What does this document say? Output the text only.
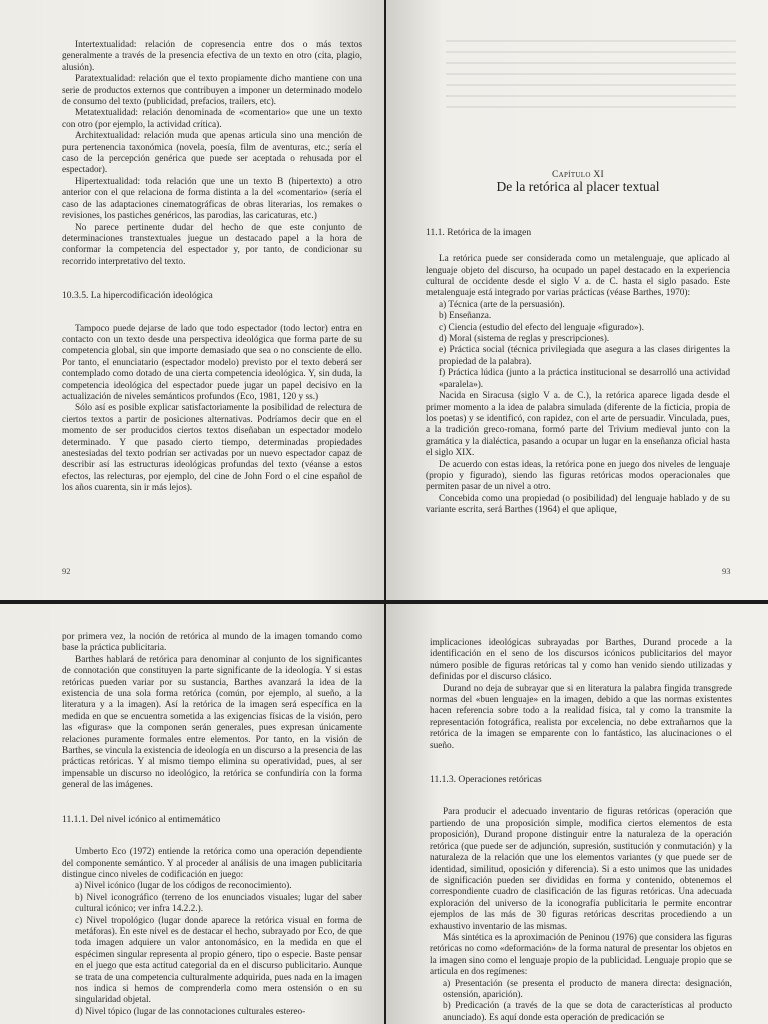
Intertextualidad: relación de copresencia entre dos o más textos generalmente a través de la presencia efectiva de un texto en otro (cita, plagio, alusión).

Paratextualidad: relación que el texto propiamente dicho mantiene con una serie de productos externos que contribuyen a imponer un determinado modelo de consumo del texto (publicidad, prefacios, trailers, etc).

Metatextualidad: relación denominada de «comentario» que une un texto con otro (por ejemplo, la actividad crítica).

Architextualidad: relación muda que apenas articula sino una mención de pura pertenencia taxonómica (novela, poesía, film de aventuras, etc.; sería el caso de la percepción genérica que puede ser aceptada o rehusada por el espectador).

Hipertextualidad: toda relación que une un texto B (hipertexto) a otro anterior con el que relaciona de forma distinta a la del «comentario» (sería el caso de las adaptaciones cinematográficas de obras literarias, los remakes o revisiones, los pastiches genéricos, las parodias, las caricaturas, etc.)

No parece pertinente dudar del hecho de que este conjunto de determinaciones transtextuales juegue un destacado papel a la hora de conformar la competencia del espectador y, por tanto, de condicionar su recorrido interpretativo del texto.

10.3.5. La hipercodificación ideológica

Tampoco puede dejarse de lado que todo espectador (todo lector) entra en contacto con un texto desde una perspectiva ideológica que forma parte de su competencia global, sin que importe demasiado que sea o no consciente de ello. Por tanto, el enunciatario (espectador modelo) previsto por el texto deberá ser contemplado como dotado de una cierta competencia ideológica. Y, sin duda, la competencia ideológica del espectador puede jugar un papel decisivo en la actualización de niveles semánticos profundos (Eco, 1981, 120 y ss.)

Sólo así es posible explicar satisfactoriamente la posibilidad de relectura de ciertos textos a partir de posiciones alternativas. Podríamos decir que en el momento de ser producidos ciertos textos diseñaban un espectador modelo determinado. Y que pasado cierto tiempo, determinadas propiedades anestesiadas del texto podrían ser activadas por un nuevo espectador capaz de describir así las estructuras ideológicas profundas del texto (véanse a estos efectos, las relecturas, por ejemplo, del cine de John Ford o el cine español de los años cuarenta, sin ir más lejos).

92

Capítulo XI

De la retórica al placer textual

11.1. Retórica de la imagen

La retórica puede ser considerada como un metalenguaje, que aplicado al lenguaje objeto del discurso, ha ocupado un papel destacado en la experiencia cultural de occidente desde el siglo V a. de C. hasta el siglo pasado. Este metalenguaje está integrado por varias prácticas (véase Barthes, 1970):

a) Técnica (arte de la persuasión).

b) Enseñanza.

c) Ciencia (estudio del efecto del lenguaje «figurado»).

d) Moral (sistema de reglas y prescripciones).

e) Práctica social (técnica privilegiada que asegura a las clases dirigentes la propiedad de la palabra).

f) Práctica lúdica (junto a la práctica institucional se desarrolló una actividad «paralela»).

Nacida en Siracusa (siglo V a. de C.), la retórica aparece ligada desde el primer momento a la idea de palabra simulada (diferente de la ficticia, propia de los poetas) y se identificó, con rapidez, con el arte de persuadir. Vinculada, pues, a la tradición greco-romana, formó parte del Trivium medieval junto con la gramática y la dialéctica, pasando a ocupar un lugar en la enseñanza oficial hasta el siglo XIX.

De acuerdo con estas ideas, la retórica pone en juego dos niveles de lenguaje (propio y figurado), siendo las figuras retóricas modos operacionales que permiten pasar de un nivel a otro.

Concebida como una propiedad (o posibilidad) del lenguaje hablado y de su variante escrita, será Barthes (1964) el que aplique,

93

por primera vez, la noción de retórica al mundo de la imagen tomando como base la práctica publicitaria.

Barthes hablará de retórica para denominar al conjunto de los significantes de connotación que constituyen la parte significante de la ideología. Y si estas retóricas pueden variar por su sustancia, Barthes avanzará la idea de la existencia de una sola forma retórica (común, por ejemplo, al sueño, a la literatura y a la imagen). Así la retórica de la imagen será específica en la medida en que se encuentra sometida a las exigencias físicas de la visión, pero las «figuras» que la componen serán generales, pues expresan únicamente relaciones puramente formales entre elementos. Por tanto, en la visión de Barthes, se vincula la existencia de ideología en un discurso a la presencia de las prácticas retóricas. Y al mismo tiempo elimina su operatividad, pues, al ser impensable un discurso no ideológico, la retórica se confundiría con la forma general de las imágenes.

11.1.1. Del nivel icónico al entimemático

Umberto Eco (1972) entiende la retórica como una operación dependiente del componente semántico. Y al proceder al análisis de una imagen publicitaria distingue cinco niveles de codificación en juego:

a) Nivel icónico (lugar de los códigos de reconocimiento).

b) Nivel iconográfico (terreno de los enunciados visuales; lugar del saber cultural icónico; ver infra 14.2.2.).

c) Nivel tropológico (lugar donde aparece la retórica visual en forma de metáforas). En este nivel es de destacar el hecho, subrayado por Eco, de que toda imagen adquiere un valor antonomásico, en la medida en que el espécimen singular representa al propio género, tipo o especie. Baste pensar en el juego que esta actitud categorial da en el discurso publicitario. Aunque se trata de una competencia culturalmente adquirida, pues nada en la imagen nos indica si hemos de comprenderla como mera ostensión o en su singularidad objetal.

d) Nivel tópico (lugar de las connotaciones culturales estereo-

implicaciones ideológicas subrayadas por Barthes, Durand procede a la identificación en el seno de los discursos icónicos publicitarios del mayor número posible de figuras retóricas tal y como han venido siendo utilizadas y definidas por el discurso clásico.

Durand no deja de subrayar que si en literatura la palabra fingida transgrede normas del «buen lenguaje» en la imagen, debido a que las normas existentes hacen referencia sobre todo a la realidad física, tal y como la transmite la representación fotográfica, realista por excelencia, no debe extrañarnos que la retórica de la imagen se emparente con lo fantástico, las alucinaciones o el sueño.

11.1.3. Operaciones retóricas

Para producir el adecuado inventario de figuras retóricas (operación que partiendo de una proposición simple, modifica ciertos elementos de esta proposición), Durand propone distinguir entre la naturaleza de la operación retórica (que puede ser de adjunción, supresión, sustitución y conmutación) y la naturaleza de la relación que une los elementos variantes (y que puede ser de identidad, similitud, oposición y diferencia). Si a esto unimos que las unidades de significación pueden ser divididas en forma y contenido, obtenemos el correspondiente cuadro de clasificación de las figuras retóricas. Una adecuada exploración del universo de la iconografía publicitaria le permite encontrar ejemplos de las más de 30 figuras retóricas descritas procediendo a un exhaustivo inventario de las mismas.

Más sintética es la aproximación de Peninou (1976) que considera las figuras retóricas no como «deformación» de la forma natural de presentar los objetos en la imagen sino como el lenguaje propio de la publicidad. Lenguaje propio que se articula en dos regímenes:

a) Presentación (se presenta el producto de manera directa: designación, ostensión, aparición).

b) Predicación (a través de la que se dota de características al producto anunciado). Es aquí donde esta operación de predicación se
